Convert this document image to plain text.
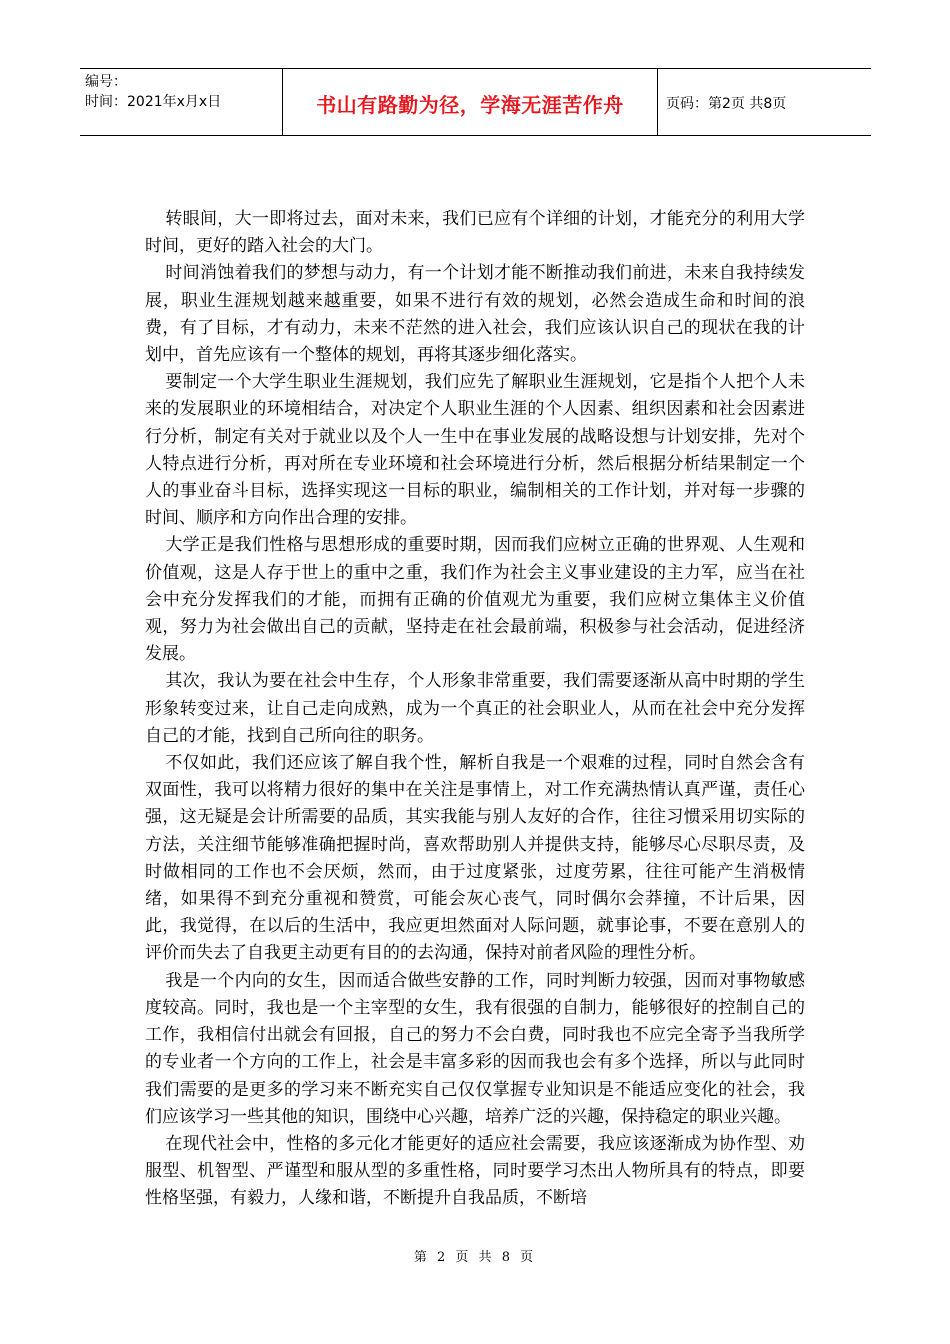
编号：
时间：2021年x月x日	书山有路勤为径，学海无涯苦作舟	页码：第2页 共8页

转眼间，大一即将过去，面对未来，我们已应有个详细的计划，才能充分的利用大学时间，更好的踏入社会的大门。

时间消蚀着我们的梦想与动力，有一个计划才能不断推动我们前进，未来自我持续发展，职业生涯规划越来越重要，如果不进行有效的规划，必然会造成生命和时间的浪费，有了目标，才有动力，未来不茫然的进入社会，我们应该认识自己的现状在我的计划中，首先应该有一个整体的规划，再将其逐步细化落实。

要制定一个大学生职业生涯规划，我们应先了解职业生涯规划，它是指个人把个人未来的发展职业的环境相结合，对决定个人职业生涯的个人因素、组织因素和社会因素进行分析，制定有关对于就业以及个人一生中在事业发展的战略设想与计划安排，先对个人特点进行分析，再对所在专业环境和社会环境进行分析，然后根据分析结果制定一个人的事业奋斗目标，选择实现这一目标的职业，编制相关的工作计划，并对每一步骤的时间、顺序和方向作出合理的安排。

大学正是我们性格与思想形成的重要时期，因而我们应树立正确的世界观、人生观和价值观，这是人存于世上的重中之重，我们作为社会主义事业建设的主力军，应当在社会中充分发挥我们的才能，而拥有正确的价值观尤为重要，我们应树立集体主义价值观，努力为社会做出自己的贡献，坚持走在社会最前端，积极参与社会活动，促进经济发展。

其次，我认为要在社会中生存，个人形象非常重要，我们需要逐渐从高中时期的学生形象转变过来，让自己走向成熟，成为一个真正的社会职业人，从而在社会中充分发挥自己的才能，找到自己所向往的职务。

不仅如此，我们还应该了解自我个性，解析自我是一个艰难的过程，同时自然会含有双面性，我可以将精力很好的集中在关注是事情上，对工作充满热情认真严谨，责任心强，这无疑是会计所需要的品质，其实我能与别人友好的合作，往往习惯采用切实际的方法，关注细节能够准确把握时尚，喜欢帮助别人并提供支持，能够尽心尽职尽责，及时做相同的工作也不会厌烦，然而，由于过度紧张，过度劳累，往往可能产生消极情绪，如果得不到充分重视和赞赏，可能会灰心丧气，同时偶尔会莽撞，不计后果，因此，我觉得，在以后的生活中，我应更坦然面对人际问题，就事论事，不要在意别人的评价而失去了自我更主动更有目的的去沟通，保持对前者风险的理性分析。

我是一个内向的女生，因而适合做些安静的工作，同时判断力较强，因而对事物敏感度较高。同时，我也是一个主宰型的女生，我有很强的自制力，能够很好的控制自己的工作，我相信付出就会有回报，自己的努力不会白费，同时我也不应完全寄予当我所学的专业者一个方向的工作上，社会是丰富多彩的因而我也会有多个选择，所以与此同时我们需要的是更多的学习来不断充实自己仅仅掌握专业知识是不能适应变化的社会，我们应该学习一些其他的知识，围绕中心兴趣，培养广泛的兴趣，保持稳定的职业兴趣。

在现代社会中，性格的多元化才能更好的适应社会需要，我应该逐渐成为协作型、劝服型、机智型、严谨型和服从型的多重性格，同时要学习杰出人物所具有的特点，即要性格坚强，有毅力，人缘和谐，不断提升自我品质，不断培

第 2 页 共 8 页
